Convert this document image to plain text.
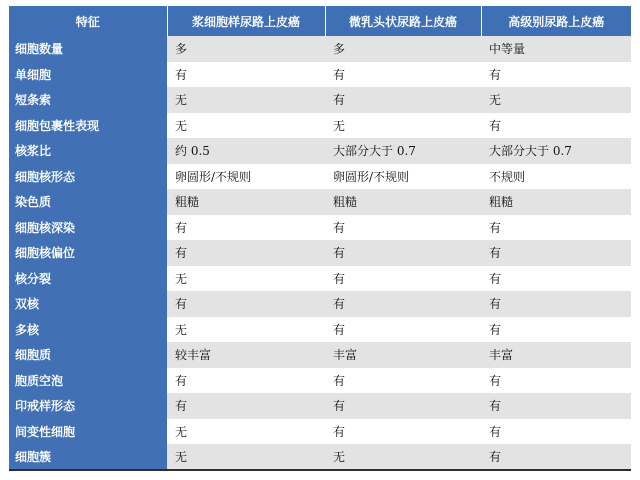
特征	浆细胞样尿路上皮癌	微乳头状尿路上皮癌	高级别尿路上皮癌
细胞数量	多	多	中等量
单细胞	有	有	有
短条索	无	有	无
细胞包裹性表现	无	无	有
核浆比	约 0.5	大部分大于 0.7	大部分大于 0.7
细胞核形态	卵圆形/不规则	卵圆形/不规则	不规则
染色质	粗糙	粗糙	粗糙
细胞核深染	有	有	有
细胞核偏位	有	有	有
核分裂	无	有	有
双核	有	有	有
多核	无	有	有
细胞质	较丰富	丰富	丰富
胞质空泡	有	有	有
印戒样形态	有	有	有
间变性细胞	无	有	有
细胞簇	无	无	有
